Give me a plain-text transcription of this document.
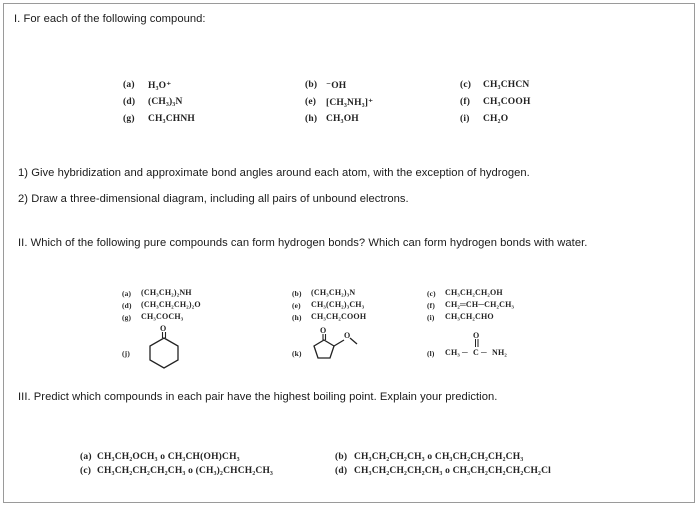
I. For each of the following compound:
(a) H₃O⁺
(d) (CH₃)₃N
(g) CH₃CHNH
(b) ⁻OH
(e) [CH₃NH₃]⁺
(h) CH₃OH
(c) CH₃CHCN
(f) CH₃COOH
(i) CH₂O
1) Give hybridization and approximate bond angles around each atom, with the exception of hydrogen.
2) Draw a three-dimensional diagram, including all pairs of unbound electrons.
II. Which of the following pure compounds can form hydrogen bonds? Which can form hydrogen bonds with water.
(a) (CH₃CH₂)₂NH
(d) (CH₃CH₂CH₂)₂O
(g) CH₃COCH₃
(b) (CH₃CH₂)₃N
(e) CH₃(CH₂)₃CH₃
(h) CH₃CH₂COOH
(c) CH₃CH₂CH₂OH
(f) CH₂═CH─CH₂CH₃
(i) CH₃CH₂CHO
(j)
O
(k)
O
O
(l) CH₃ ─ C ─ NH₂
O
III. Predict which compounds in each pair have the highest boiling point. Explain your prediction.
(a) CH₃CH₂OCH₃ o CH₃CH(OH)CH₃
(c) CH₃CH₂CH₂CH₂CH₃ o (CH₃)₂CHCH₂CH₃
(b) CH₃CH₂CH₂CH₃ o CH₃CH₂CH₂CH₂CH₃
(d) CH₃CH₂CH₂CH₂CH₃ o CH₃CH₂CH₂CH₂CH₂Cl
